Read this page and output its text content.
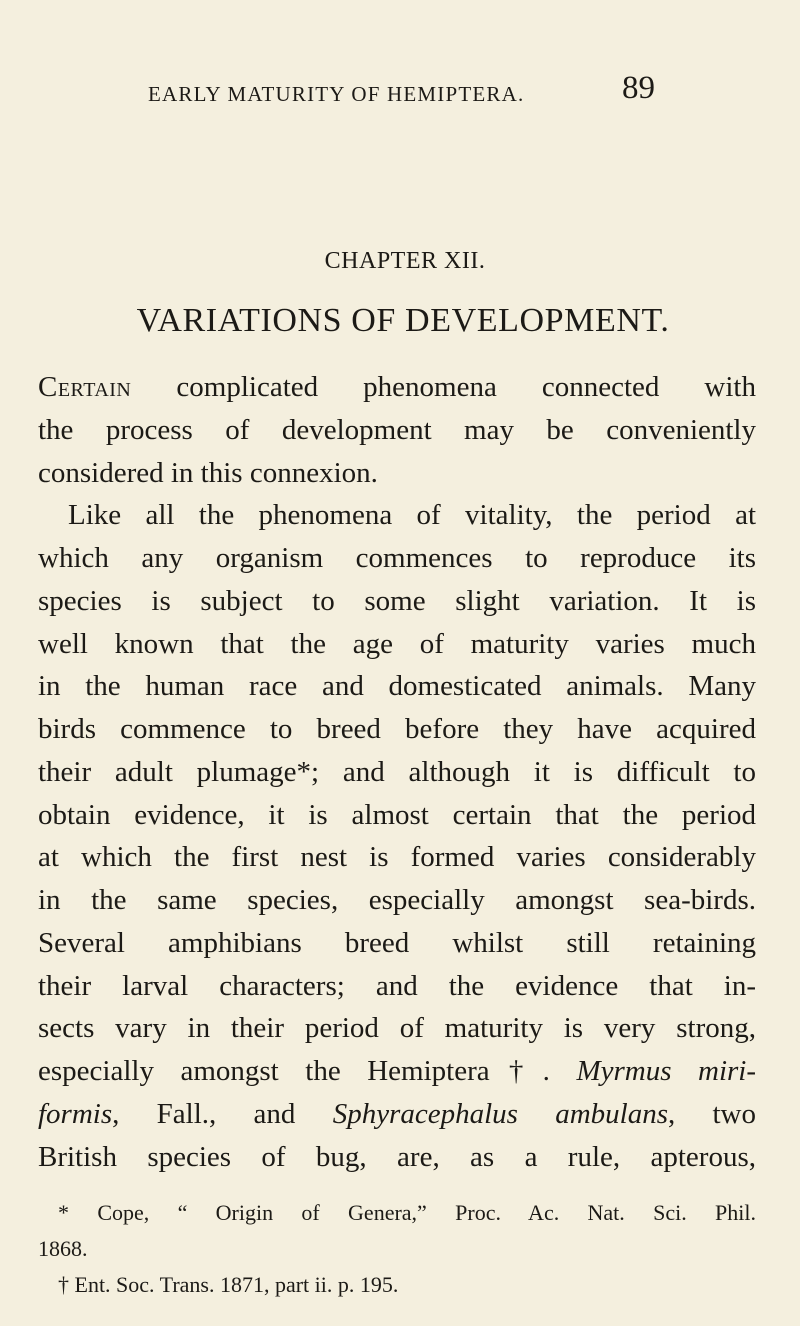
EARLY MATURITY OF HEMIPTERA.	89
CHAPTER XII.
VARIATIONS OF DEVELOPMENT.
Certain complicated phenomena connected with
the process of development may be conveniently
considered in this connexion.
Like all the phenomena of vitality, the period at
which any organism commences to reproduce its
species is subject to some slight variation. It is
well known that the age of maturity varies much
in the human race and domesticated animals. Many
birds commence to breed before they have acquired
their adult plumage*; and although it is difficult to
obtain evidence, it is almost certain that the period
at which the first nest is formed varies considerably
in the same species, especially amongst sea-birds.
Several amphibians breed whilst still retaining
their larval characters; and the evidence that in-
sects vary in their period of maturity is very strong,
especially amongst the Hemiptera†. Myrmus miri-
formis, Fall., and Sphyracephalus ambulans, two
British species of bug, are, as a rule, apterous,
* Cope, “ Origin of Genera,” Proc. Ac. Nat. Sci. Phil.
1868.
† Ent. Soc. Trans. 1871, part ii. p. 195.
